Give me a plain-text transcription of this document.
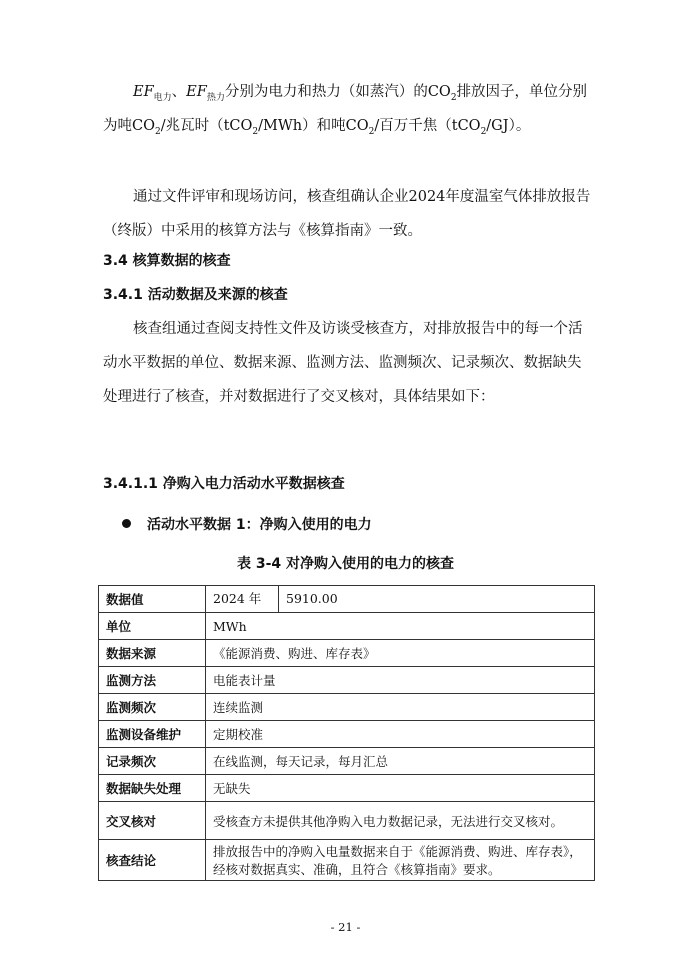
$EF_{电力}$、$EF_{热力}$分别为电力和热力（如蒸汽）的$CO_2$排放因子，单位分别为吨$CO_2/$兆瓦时（tCO$_2$/MWh）和吨$CO_2/$百万千焦（tCO$_2$/GJ）。
通过文件评审和现场访问，核查组确认企业2024年度温室气体排放报告（终版）中采用的核算方法与《核算指南》一致。
3.4 核算数据的核查
3.4.1 活动数据及来源的核查
核查组通过查阅支持性文件及访谈受核查方，对排放报告中的每一个活动水平数据的单位、数据来源、监测方法、监测频次、记录频次、数据缺失处理进行了核查，并对数据进行了交叉核对，具体结果如下：
3.4.1.1 净购入电力活动水平数据核查
活动水平数据 1：净购入使用的电力
表 3-4 对净购入使用的电力的核查
数据值	2024 年 5910.00
单位	MWh
数据来源	《能源消费、购进、库存表》
监测方法	电能表计量
监测频次	连续监测
监测设备维护	定期校准
记录频次	在线监测，每天记录，每月汇总
数据缺失处理	无缺失
交叉核对	受核查方未提供其他净购入电力数据记录，无法进行交叉核对。
核查结论	排放报告中的净购入电量数据来自于《能源消费、购进、库存表》，经核对数据真实、准确，且符合《核算指南》要求。
- 21 -
